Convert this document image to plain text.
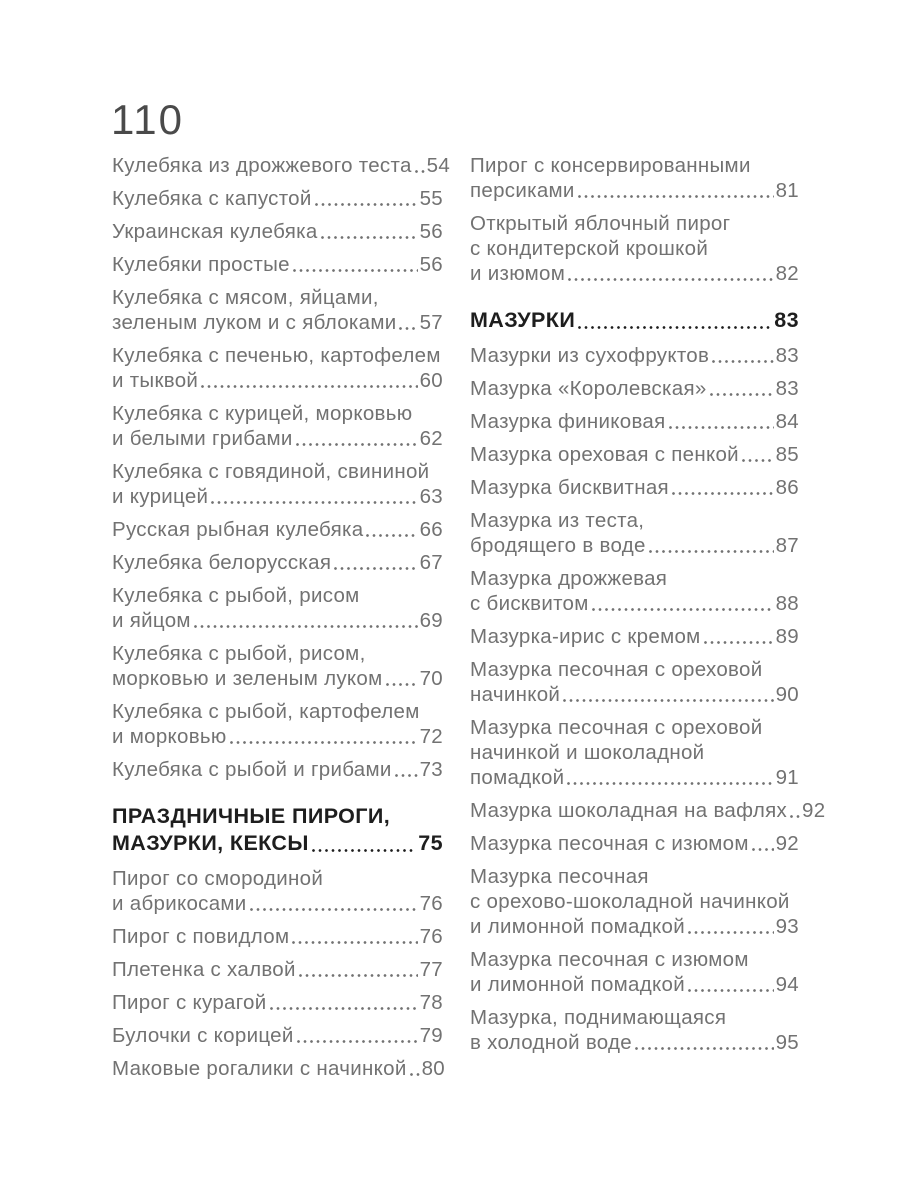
110
Кулебяка из дрожжевого теста 54
Кулебяка с капустой	55
Украинская кулебяка	56
Кулебяки простые	56
Кулебяка с мясом, яйцами,
зеленым луком и с яблоками 57
Кулебяка с печенью, картофелем
и тыквой	60
Кулебяка с курицей, морковью
и белыми грибами	62
Кулебяка с говядиной, свининой
и курицей	63
Русская рыбная кулебяка	66
Кулебяка белорусская	67
Кулебяка с рыбой, рисом
и яйцом	69
Кулебяка с рыбой, рисом,
морковью и зеленым луком 70
Кулебяка с рыбой, картофелем
и морковью	72
Кулебяка с рыбой и грибами 73
ПРАЗДНИЧНЫЕ ПИРОГИ,
МАЗУРКИ, КЕКСЫ	75
Пирог со смородиной
и абрикосами	76
Пирог с повидлом	76
Плетенка с халвой	77
Пирог с курагой	78
Булочки с корицей	79
Маковые рогалики с начинкой 80
Пирог с консервированными
персиками	81
Открытый яблочный пирог
с кондитерской крошкой
и изюмом	82
МАЗУРКИ	83
Мазурки из сухофруктов	83
Мазурка «Королевская»	83
Мазурка финиковая	84
Мазурка ореховая с пенкой 85
Мазурка бисквитная	86
Мазурка из теста,
бродящего в воде	87
Мазурка дрожжевая
с бисквитом	88
Мазурка-ирис с кремом	89
Мазурка песочная с ореховой
начинкой	90
Мазурка песочная с ореховой
начинкой и шоколадной
помадкой	91
Мазурка шоколадная на вафлях 92
Мазурка песочная с изюмом 92
Мазурка песочная
с орехово-шоколадной начинкой
и лимонной помадкой	93
Мазурка песочная с изюмом
и лимонной помадкой	94
Мазурка, поднимающаяся
в холодной воде	95
